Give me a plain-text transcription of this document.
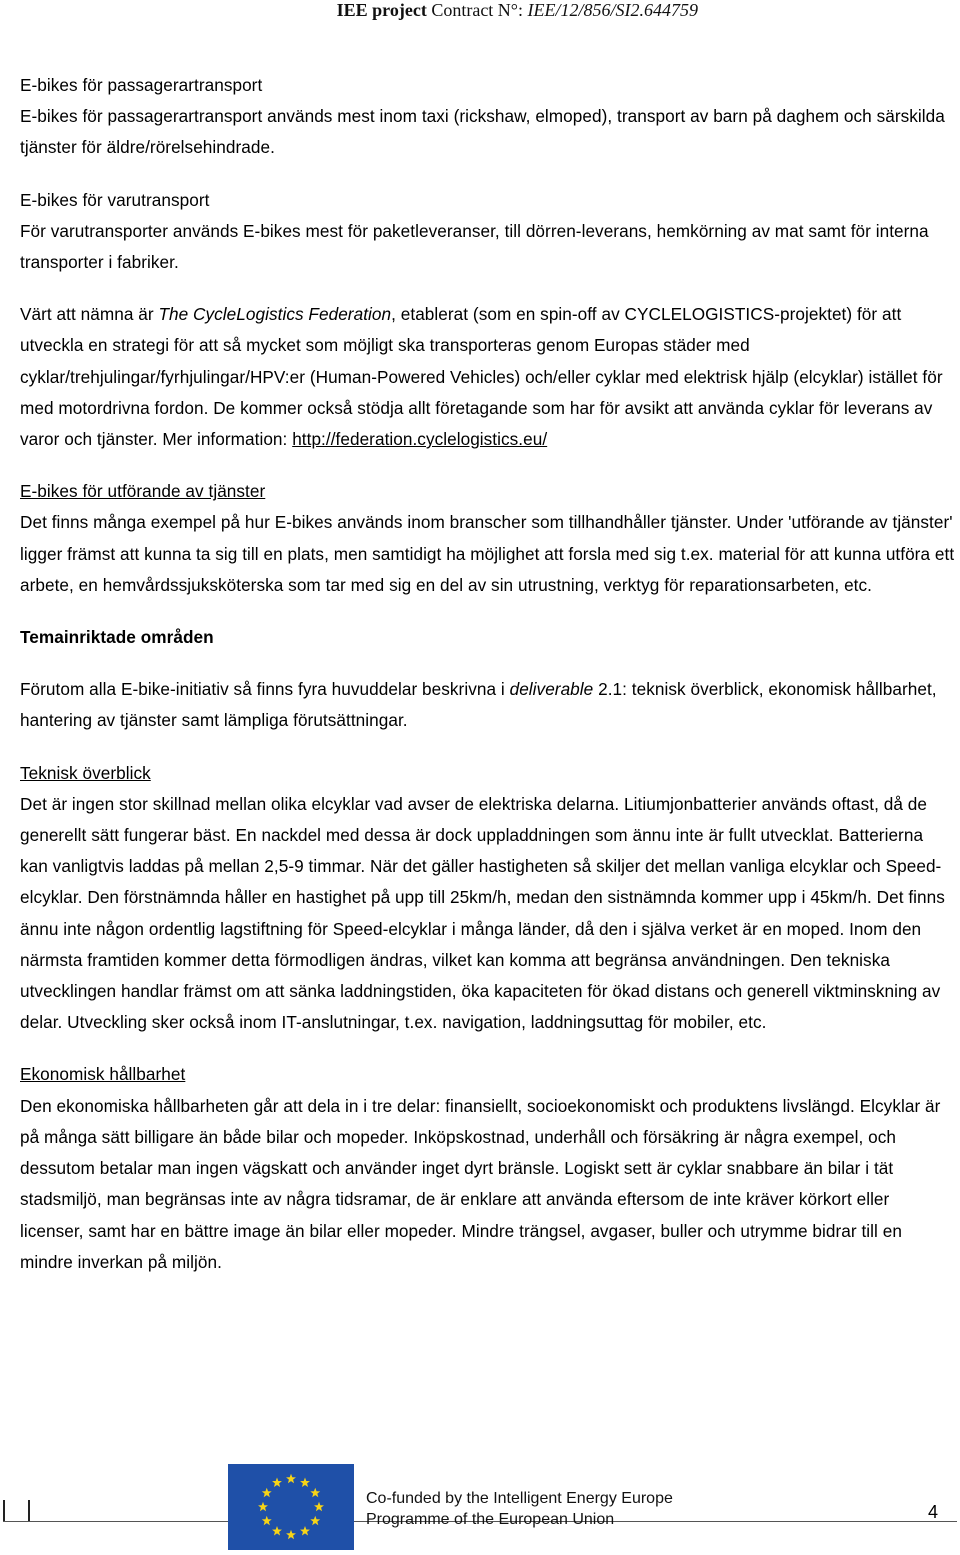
IEE project Contract N°: IEE/12/856/SI2.644759

E-bikes för passagerartransport

E-bikes för passagerartransport används mest inom taxi (rickshaw, elmoped), transport av barn på daghem och särskilda tjänster för äldre/rörelsehindrade.

E-bikes för varutransport

För varutransporter används E-bikes mest för paketleveranser, till dörren-leverans, hemkörning av mat samt för interna transporter i fabriker.

Värt att nämna är The CycleLogistics Federation, etablerat (som en spin-off av CYCLELOGISTICS-projektet) för att utveckla en strategi för att så mycket som möjligt ska transporteras genom Europas städer med cyklar/trehjulingar/fyrhjulingar/HPV:er (Human-Powered Vehicles) och/eller cyklar med elektrisk hjälp (elcyklar) istället för med motordrivna fordon. De kommer också stödja allt företagande som har för avsikt att använda cyklar för leverans av varor och tjänster. Mer information: http://federation.cyclelogistics.eu/

E-bikes för utförande av tjänster

Det finns många exempel på hur E-bikes används inom branscher som tillhandhåller tjänster. Under 'utförande av tjänster' ligger främst att kunna ta sig till en plats, men samtidigt ha möjlighet att forsla med sig t.ex. material för att kunna utföra ett arbete, en hemvårdssjuksköterska som tar med sig en del av sin utrustning, verktyg för reparationsarbeten, etc.

Temainriktade områden

Förutom alla E-bike-initiativ så finns fyra huvuddelar beskrivna i deliverable 2.1: teknisk överblick, ekonomisk hållbarhet, hantering av tjänster samt lämpliga förutsättningar.

Teknisk överblick

Det är ingen stor skillnad mellan olika elcyklar vad avser de elektriska delarna. Litiumjonbatterier används oftast, då de generellt sätt fungerar bäst. En nackdel med dessa är dock uppladdningen som ännu inte är fullt utvecklat. Batterierna kan vanligtvis laddas på mellan 2,5-9 timmar. När det gäller hastigheten så skiljer det mellan vanliga elcyklar och Speed-elcyklar. Den förstnämnda håller en hastighet på upp till 25km/h, medan den sistnämnda kommer upp i 45km/h. Det finns ännu inte någon ordentlig lagstiftning för Speed-elcyklar i många länder, då den i själva verket är en moped. Inom den närmsta framtiden kommer detta förmodligen ändras, vilket kan komma att begränsa användningen. Den tekniska utvecklingen handlar främst om att sänka laddningstiden, öka kapaciteten för ökad distans och generell viktminskning av delar. Utveckling sker också inom IT-anslutningar, t.ex. navigation, laddningsuttag för mobiler, etc.

Ekonomisk hållbarhet

Den ekonomiska hållbarheten går att dela in i tre delar: finansiellt, socioekonomiskt och produktens livslängd. Elcyklar är på många sätt billigare än både bilar och mopeder. Inköpskostnad, underhåll och försäkring är några exempel, och dessutom betalar man ingen vägskatt och använder inget dyrt bränsle. Logiskt sett är cyklar snabbare än bilar i tät stadsmiljö, man begränsas inte av några tidsramar, de är enklare att använda eftersom de inte kräver körkort eller licenser, samt har en bättre image än bilar eller mopeder. Mindre trängsel, avgaser, buller och utrymme bidrar till en mindre inverkan på miljön.

Co-funded by the Intelligent Energy Europe
Programme of the European Union	4
